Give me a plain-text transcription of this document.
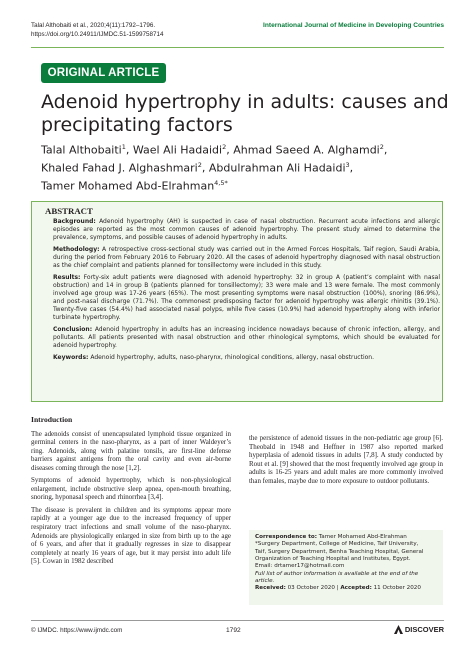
Talal Althobaiti et al., 2020;4(11):1792–1796.
https://doi.org/10.24911/IJMDC.51-1599758714
International Journal of Medicine in Developing Countries
ORIGINAL ARTICLE
Adenoid hypertrophy in adults: causes and precipitating factors
Talal Althobaiti$^1$, Wael Ali Hadaidi$^2$, Ahmad Saeed A. Alghamdi$^2$,
Khaled Fahad J. Alghashmari$^2$, Abdulrahman Ali Hadaidi$^3$,
Tamer Mohamed Abd-Elrahman$^{4,5*}$
ABSTRACT

Background: Adenoid hypertrophy (AH) is suspected in case of nasal obstruction. Recurrent acute infections and allergic episodes are reported as the most common causes of adenoid hypertrophy. The present study aimed to determine the prevalence, symptoms, and possible causes of adenoid hypertrophy in adults.

Methodology: A retrospective cross-sectional study was carried out in the Armed Forces Hospitals, Taif region, Saudi Arabia, during the period from February 2016 to February 2020. All the cases of adenoid hypertrophy diagnosed with nasal obstruction as the chief complaint and patients planned for tonsillectomy were included in this study.

Results: Forty-six adult patients were diagnosed with adenoid hypertrophy: 32 in group A (patient’s complaint with nasal obstruction) and 14 in group B (patients planned for tonsillectomy); 33 were male and 13 were female. The most commonly involved age group was 17-26 years (65%). The most presenting symptoms were nasal obstruction (100%), snoring (86.9%), and post-nasal discharge (71.7%). The commonest predisposing factor for adenoid hypertrophy was allergic rhinitis (39.1%). Twenty-five cases (54.4%) had associated nasal polyps, while five cases (10.9%) had adenoid hypertrophy along with inferior turbinate hypertrophy.

Conclusion: Adenoid hypertrophy in adults has an increasing incidence nowadays because of chronic infection, allergy, and pollutants. All patients presented with nasal obstruction and other rhinological symptoms, which should be evaluated for adenoid hypertrophy.

Keywords: Adenoid hypertrophy, adults, naso-pharynx, rhinological conditions, allergy, nasal obstruction.

Introduction

The adenoids consist of unencapsulated lymphoid tissue organized in germinal centers in the naso-pharynx, as a part of inner Waldeyer’s ring. Adenoids, along with palatine tonsils, are first-line defense barriers against antigens from the oral cavity and even air-borne diseases coming through the nose [1,2].

Symptoms of adenoid hypertrophy, which is non-physiological enlargement, include obstructive sleep apnea, open-mouth breathing, snoring, hyponasal speech and rhinorrhea [3,4].

The disease is prevalent in children and its symptoms appear more rapidly at a younger age due to the increased frequency of upper respiratory tract infections and small volume of the naso-pharynx. Adenoids are physiologically enlarged in size from birth up to the age of 6 years, and after that it gradually regresses in size to disappear completely at nearly 16 years of age, but it may persist into adult life [5]. Cowan in 1982 described

the persistence of adenoid tissues in the non-pediatric age group [6]. Theobald in 1948 and Heffner in 1987 also reported marked hyperplasia of adenoid tissues in adults [7,8]. A study conducted by Rout et al. [9] showed that the most frequently involved age group in adults is 16-25 years and adult males are more commonly involved than females, maybe due to more exposure to outdoor pollutants.

Correspondence to: Tamer Mohamed Abd-Elrahman
*Surgery Department, College of Medicine, Taif University,
Taif, Surgery Department, Benha Teaching Hospital, General
Organization of Teaching Hospital and Institutes, Egypt.
Email: drtamer17@hotmail.com
Full list of author information is available at the end of the article.
Received: 03 October 2020 | Accepted: 11 October 2020
© IJMDC. https://www.ijmdc.com	1792	DISCOVER
